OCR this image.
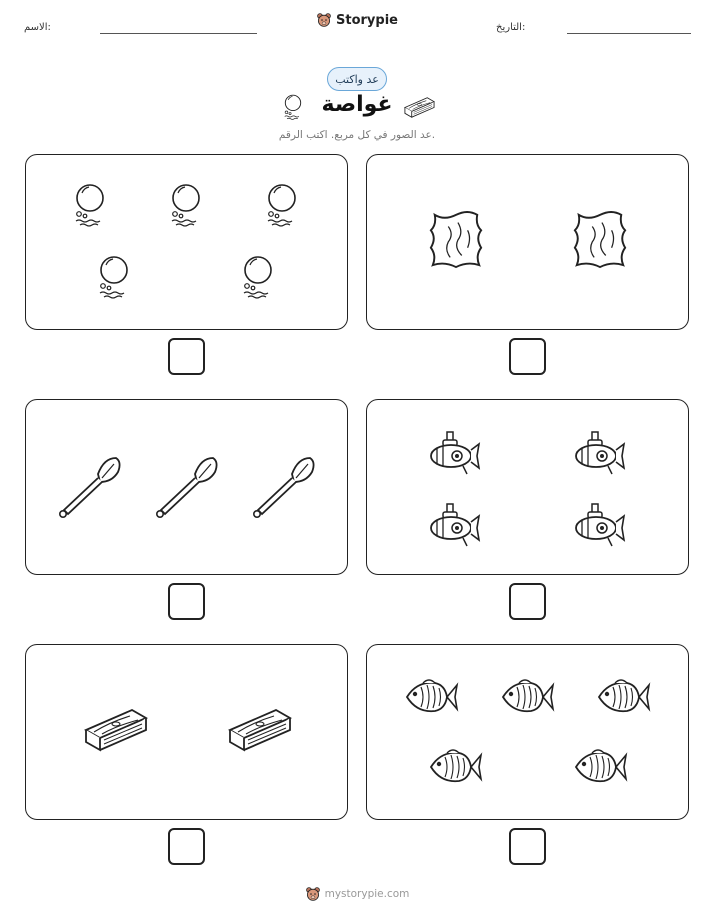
الاسم:	Storypie	التاريخ:
عد واكتب
غواصة
عد الصور في كل مربع. اكتب الرقم.
mystorypie.com
